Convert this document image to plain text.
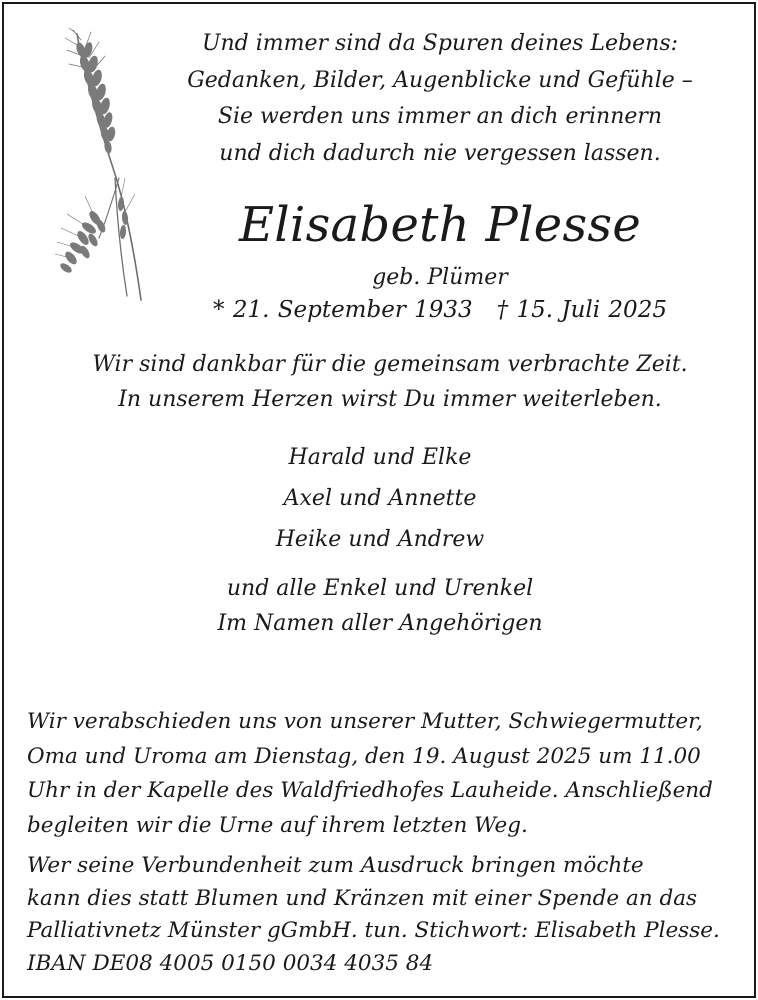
Und immer sind da Spuren deines Lebens:
Gedanken, Bilder, Augenblicke und Gefühle –
Sie werden uns immer an dich erinnern
und dich dadurch nie vergessen lassen.
Elisabeth Plesse
geb. Plümer
* 21. September 1933 † 15. Juli 2025
Wir sind dankbar für die gemeinsam verbrachte Zeit.
In unserem Herzen wirst Du immer weiterleben.
Harald und Elke
Axel und Annette
Heike und Andrew
und alle Enkel und Urenkel
Im Namen aller Angehörigen
Wir verabschieden uns von unserer Mutter, Schwiegermutter,
Oma und Uroma am Dienstag, den 19. August 2025 um 11.00
Uhr in der Kapelle des Waldfriedhofes Lauheide. Anschließend
begleiten wir die Urne auf ihrem letzten Weg.
Wer seine Verbundenheit zum Ausdruck bringen möchte
kann dies statt Blumen und Kränzen mit einer Spende an das
Palliativnetz Münster gGmbH. tun. Stichwort: Elisabeth Plesse.
IBAN DE08 4005 0150 0034 4035 84
